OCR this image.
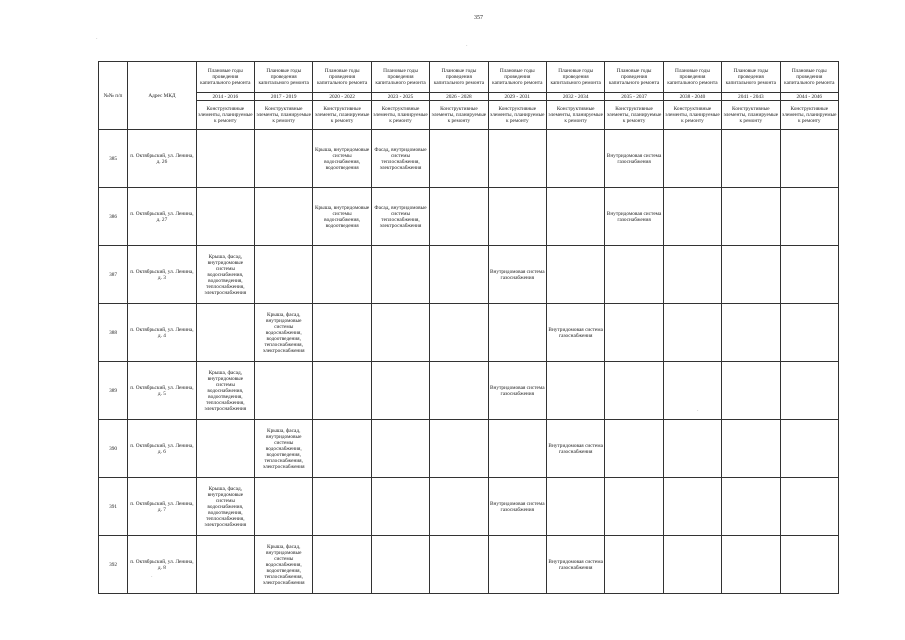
357
№№ п/п	Адрес МКД	Плановые годы проведения капитального ремонта	Плановые годы проведения капитального ремонта	Плановые годы проведения капитального ремонта	Плановые годы проведения капитального ремонта	Плановые годы проведения капитального ремонта	Плановые годы проведения капитального ремонта	Плановые годы проведения капитального ремонта	Плановые годы проведения капитального ремонта	Плановые годы проведения капитального ремонта	Плановые годы проведения капитального ремонта	Плановые годы проведения капитального ремонта
		2014 - 2016	2017 - 2019	2020 - 2022	2023 - 2025	2026 - 2028	2029 - 2031	2032 - 2034	2035 - 2037	2038 - 2040	2041 - 2043	2044 - 2046
		Конструктивные элементы, планируемые к ремонту	Конструктивные элементы, планируемые к ремонту	Конструктивные элементы, планируемые к ремонту	Конструктивные элементы, планируемые к ремонту	Конструктивные элементы, планируемые к ремонту	Конструктивные элементы, планируемые к ремонту	Конструктивные элементы, планируемые к ремонту	Конструктивные элементы, планируемые к ремонту	Конструктивные элементы, планируемые к ремонту	Конструктивные элементы, планируемые к ремонту	Конструктивные элементы, планируемые к ремонту
385	п. Октябрьский, ул. Ленина, д. 26			Крыша, внутридомовые системы водоснабжения, водоотведения	Фасад, внутридомовые системы теплоснабжения, электроснабжения				Внутридомовая система газоснабжения			
386	п. Октябрьский, ул. Ленина, д. 27			Крыша, внутридомовые системы водоснабжения, водоотведения	Фасад, внутридомовые системы теплоснабжения, электроснабжения				Внутридомовая система газоснабжения			
387	п. Октябрьский, ул. Ленина, д. 3	Крыша, фасад, внутридомовые системы водоснабжения, водоотведения, теплоснабжения, электроснабжения					Внутридомовая система газоснабжения					
388	п. Октябрьский, ул. Ленина, д. 4		Крыша, фасад, внутридомовые системы водоснабжения, водоотведения, теплоснабжения, электроснабжения					Внутридомовая система газоснабжения				
389	п. Октябрьский, ул. Ленина, д. 5	Крыша, фасад, внутридомовые системы водоснабжения, водоотведения, теплоснабжения, электроснабжения					Внутридомовая система газоснабжения					
390	п. Октябрьский, ул. Ленина, д. 6		Крыша, фасад, внутридомовые системы водоснабжения, водоотведения, теплоснабжения, электроснабжения					Внутридомовая система газоснабжения				
391	п. Октябрьский, ул. Ленина, д. 7	Крыша, фасад, внутридомовые системы водоснабжения, водоотведения, теплоснабжения, электроснабжения					Внутридомовая система газоснабжения					
392	п. Октябрьский, ул. Ленина, д. 8		Крыша, фасад, внутридомовые системы водоснабжения, водоотведения, теплоснабжения, электроснабжения					Внутридомовая система газоснабжения				
·
·
·
·
